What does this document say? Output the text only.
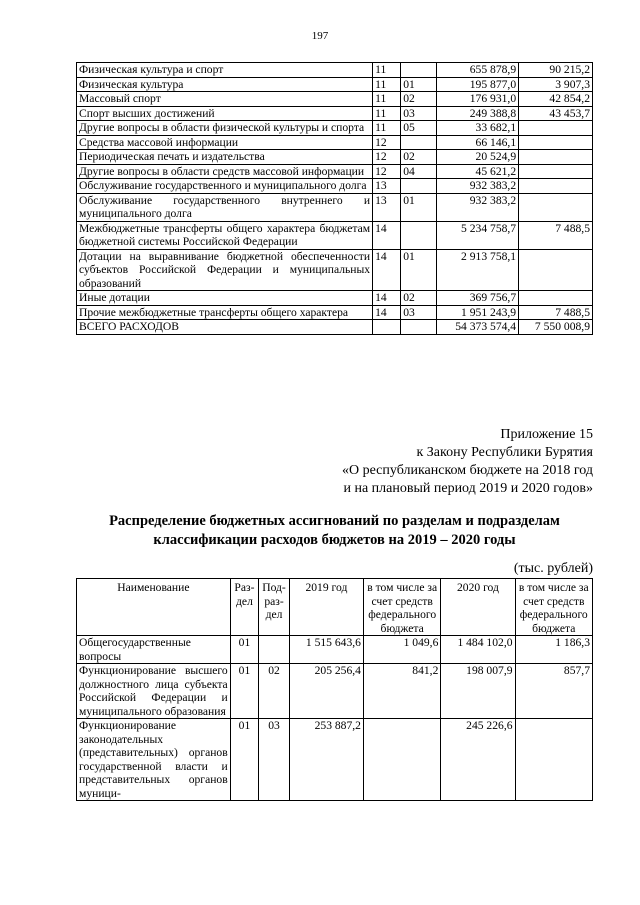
197
Физическая культура и спорт	11		655 878,9	90 215,2
Физическая культура	11	01	195 877,0	3 907,3
Массовый спорт	11	02	176 931,0	42 854,2
Спорт высших достижений	11	03	249 388,8	43 453,7
Другие вопросы в области физической культуры и спорта	11	05	33 682,1	
Средства массовой информации	12		66 146,1	
Периодическая печать и издательства	12	02	20 524,9	
Другие вопросы в области средств массовой информации	12	04	45 621,2	
Обслуживание государственного и муниципального долга	13		932 383,2	
Обслуживание государственного внутреннего и муниципального долга	13	01	932 383,2	
Межбюджетные трансферты общего характера бюджетам бюджетной системы Российской Федерации	14		5 234 758,7	7 488,5
Дотации на выравнивание бюджетной обеспеченности субъектов Российской Федерации и муниципальных образований	14	01	2 913 758,1	
Иные дотации	14	02	369 756,7	
Прочие межбюджетные трансферты общего характера	14	03	1 951 243,9	7 488,5
ВСЕГО РАСХОДОВ			54 373 574,4	7 550 008,9
Приложение 15
к Закону Республики Бурятия
«О республиканском бюджете на 2018 год
и на плановый период 2019 и 2020 годов»
Распределение бюджетных ассигнований по разделам и подразделам
классификации расходов бюджетов на 2019 – 2020 годы
(тыс. рублей)
Наименование	Раз-дел	Под-раз-дел	2019 год	в том числе за счет средств федерального бюджета	2020 год	в том числе за счет средств федерального бюджета
Общегосударственные вопросы	01		1 515 643,6	1 049,6	1 484 102,0	1 186,3
Функционирование высшего должностного лица субъекта Российской Федерации и муниципального образования	01	02	205 256,4	841,2	198 007,9	857,7
Функционирование законодательных (представительных) органов государственной власти и представительных органов муници-	01	03	253 887,2		245 226,6	
